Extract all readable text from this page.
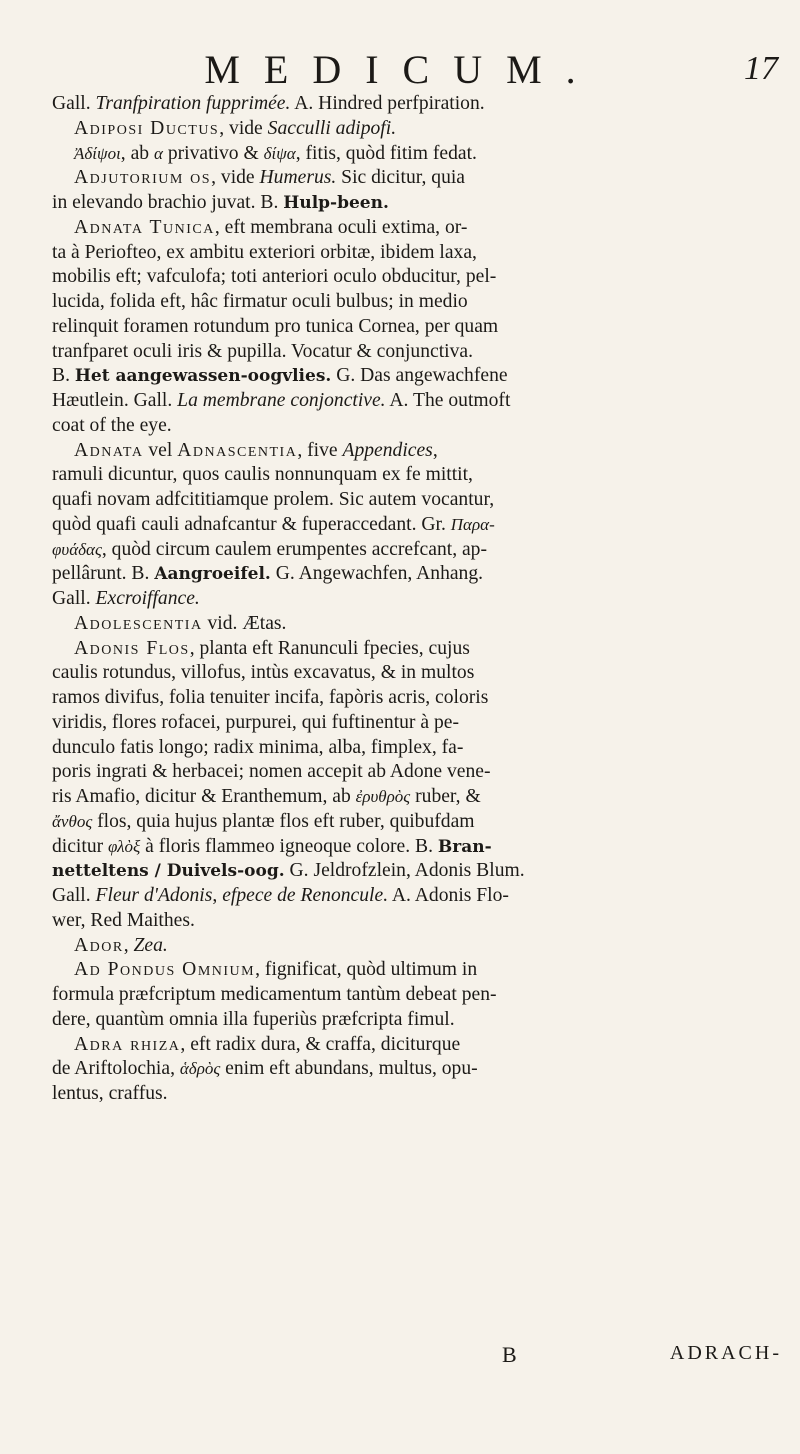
MEDICUM.	17
Gall. Tranfpiration fupprimée. A. Hindred perfpiration.
Adiposi Ductus, vide Sacculli adipofi.
Ἀδίψοι, ab α privativo & δίψα, fitis, quòd fitim fedat.
Adjutorium os, vide Humerus. Sic dicitur, quia
in elevando brachio juvat. B. Hulp-been.
Adnata Tunica, eft membrana oculi extima, or-
ta à Periofteo, ex ambitu exteriori orbitæ, ibidem laxa,
mobilis eft; vafculofa; toti anteriori oculo obducitur, pel-
lucida, folida eft, hâc firmatur oculi bulbus; in medio
relinquit foramen rotundum pro tunica Cornea, per quam
tranfparet oculi iris & pupilla. Vocatur & conjunctiva.
B. Het aangewassen-oogvlies. G. Das angewachfene
Hæutlein. Gall. La membrane conjonctive. A. The outmoft
coat of the eye.
Adnata vel Adnascentia, five Appendices,
ramuli dicuntur, quos caulis nonnunquam ex fe mittit,
quafi novam adfcititiamque prolem. Sic autem vocantur,
quòd quafi cauli adnafcantur & fuperaccedant. Gr. Παρα-
φυάδας, quòd circum caulem erumpentes accrefcant, ap-
pellârunt. B. Aangroeifel. G. Angewachfen, Anhang.
Gall. Excroiffance.
Adolescentia vid. Ætas.
Adonis Flos, planta eft Ranunculi fpecies, cujus
caulis rotundus, villofus, intùs excavatus, & in multos
ramos divifus, folia tenuiter incifa, fapòris acris, coloris
viridis, flores rofacei, purpurei, qui fuftinentur à pe-
dunculo fatis longo; radix minima, alba, fimplex, fa-
poris ingrati & herbacei; nomen accepit ab Adone vene-
ris Amafio, dicitur & Eranthemum, ab ἐρυθρὸς ruber, &
ἄνθος flos, quia hujus plantæ flos eft ruber, quibufdam
dicitur φλὸξ à floris flammeo igneoque colore. B. Bran-
netteltens / Duivels-oog. G. Jeldrofzlein, Adonis Blum.
Gall. Fleur d'Adonis, efpece de Renoncule. A. Adonis Flo-
wer, Red Maithes.
Ador, Zea.
Ad Pondus Omnium, fignificat, quòd ultimum in
formula præfcriptum medicamentum tantùm debeat pen-
dere, quantùm omnia illa fuperiùs præfcripta fimul.
Adra rhiza, eft radix dura, & craffa, diciturque
de Ariftolochia, ἁδρὸς enim eft abundans, multus, opu-
lentus, craffus.
B	ADRACH-
